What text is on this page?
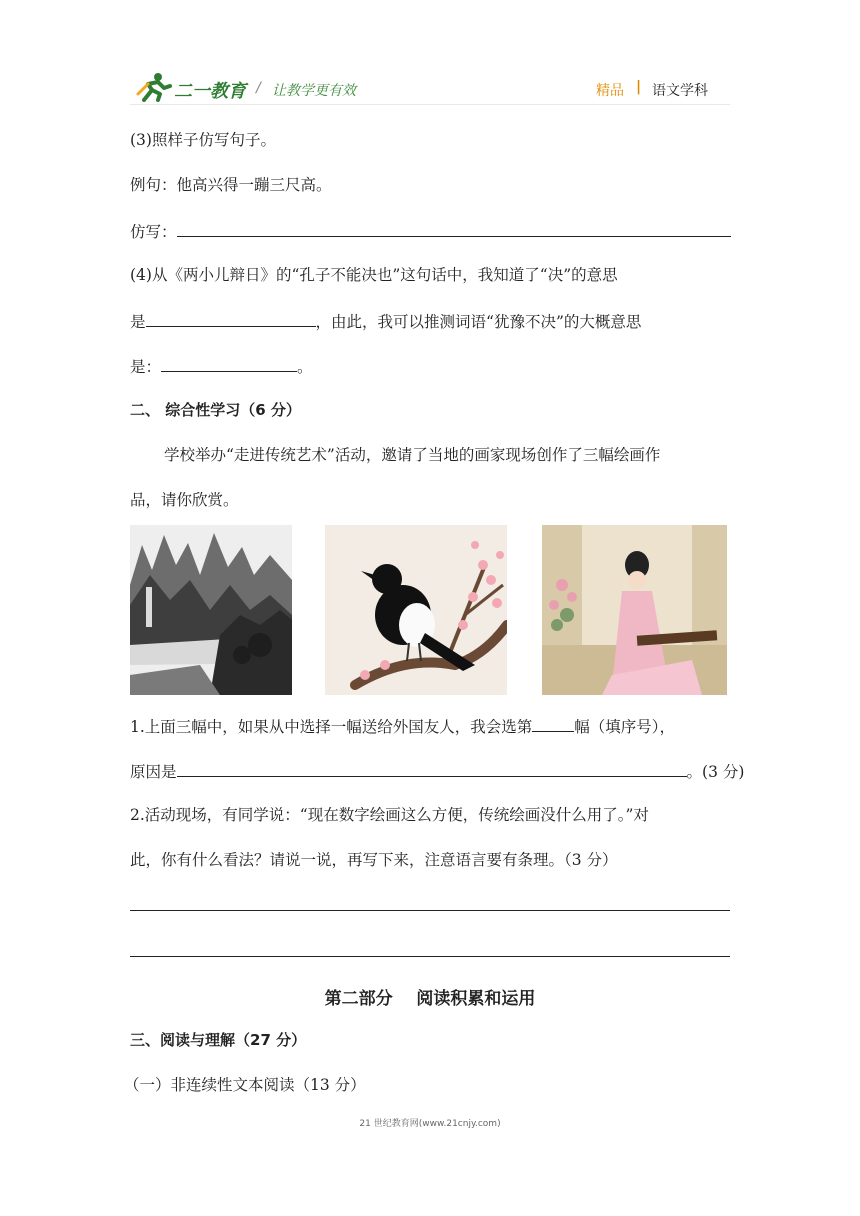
二一教育 / 让教学更有效	精品 | 语文学科
(3)照样子仿写句子。
例句：他高兴得一蹦三尺高。
仿写：
(4)从《两小儿辩日》的“孔子不能决也”这句话中，我知道了“决”的意思
是	，由此，我可以推测词语“犹豫不决”的大概意思
是：	。
二、 综合性学习（6 分）
学校举办“走进传统艺术”活动，邀请了当地的画家现场创作了三幅绘画作
品，请你欣赏。
1.上面三幅中，如果从中选择一幅送给外国友人，我会选第	幅（填序号），
原因是	。(3 分)
2.活动现场，有同学说：“现在数字绘画这么方便，传统绘画没什么用了。”对
此，你有什么看法？请说一说，再写下来，注意语言要有条理。（3 分）
第二部分    阅读积累和运用
三、阅读与理解（27 分）
（一）非连续性文本阅读（13 分）
21 世纪教育网(www.21cnjy.com)
